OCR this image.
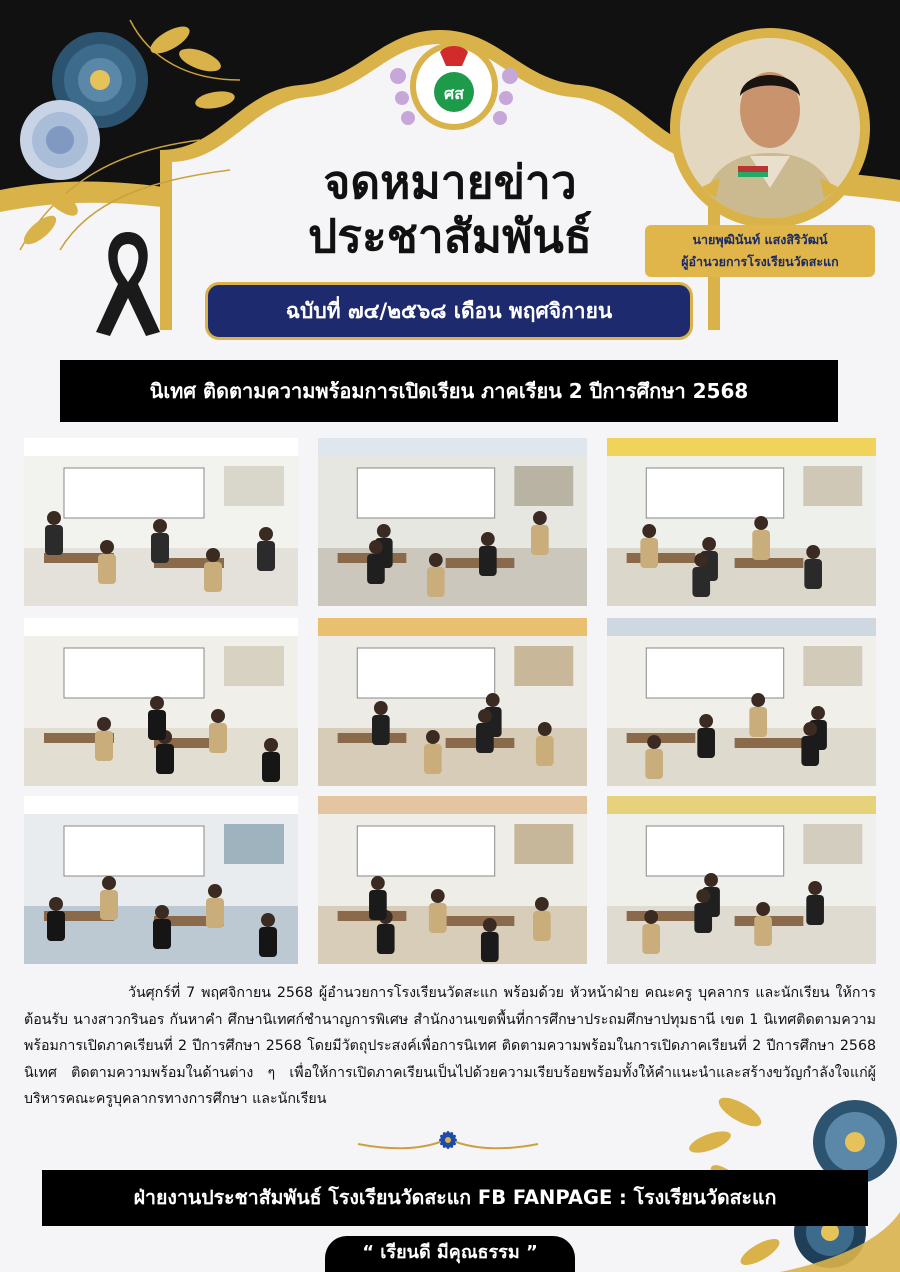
ศส
จดหมายข่าว
ประชาสัมพันธ์	นายพุฒินันท์ แสงสิริวัฒน์
ผู้อำนวยการโรงเรียนวัดสะแก
ฉบับที่ ๗๔/๒๕๖๘ เดือน พฤศจิกายน
นิเทศ ติดตามความพร้อมการเปิดเรียน ภาคเรียน 2 ปีการศึกษา 2568

วันศุกร์ที่ 7 พฤศจิกายน 2568 ผู้อำนวยการโรงเรียนวัดสะแก พร้อมด้วย หัวหน้าฝ่าย คณะครู บุคลากร และนักเรียน ให้การต้อนรับ นางสาวกรินอร กันหาคำ ศึกษานิเทศก์ชำนาญการพิเศษ สำนักงานเขตพื้นที่การศึกษาประถมศึกษาปทุมธานี เขต 1 นิเทศติดตามความพร้อมการเปิดภาคเรียนที่ 2 ปีการศึกษา 2568 โดยมีวัตถุประสงค์เพื่อการนิเทศ ติดตามความพร้อมในการเปิดภาคเรียนที่ 2 ปีการศึกษา 2568 นิเทศ ติดตามความพร้อมในด้านต่าง ๆ เพื่อให้การเปิดภาคเรียนเป็นไปด้วยความเรียบร้อยพร้อมทั้งให้คำแนะนำและสร้างขวัญกำลังใจแก่ผู้บริหารคณะครูบุคลากรทางการศึกษา และนักเรียน

ฝ่ายงานประชาสัมพันธ์ โรงเรียนวัดสะแก FB FANPAGE : โรงเรียนวัดสะแก
“ เรียนดี มีคุณธรรม ”
